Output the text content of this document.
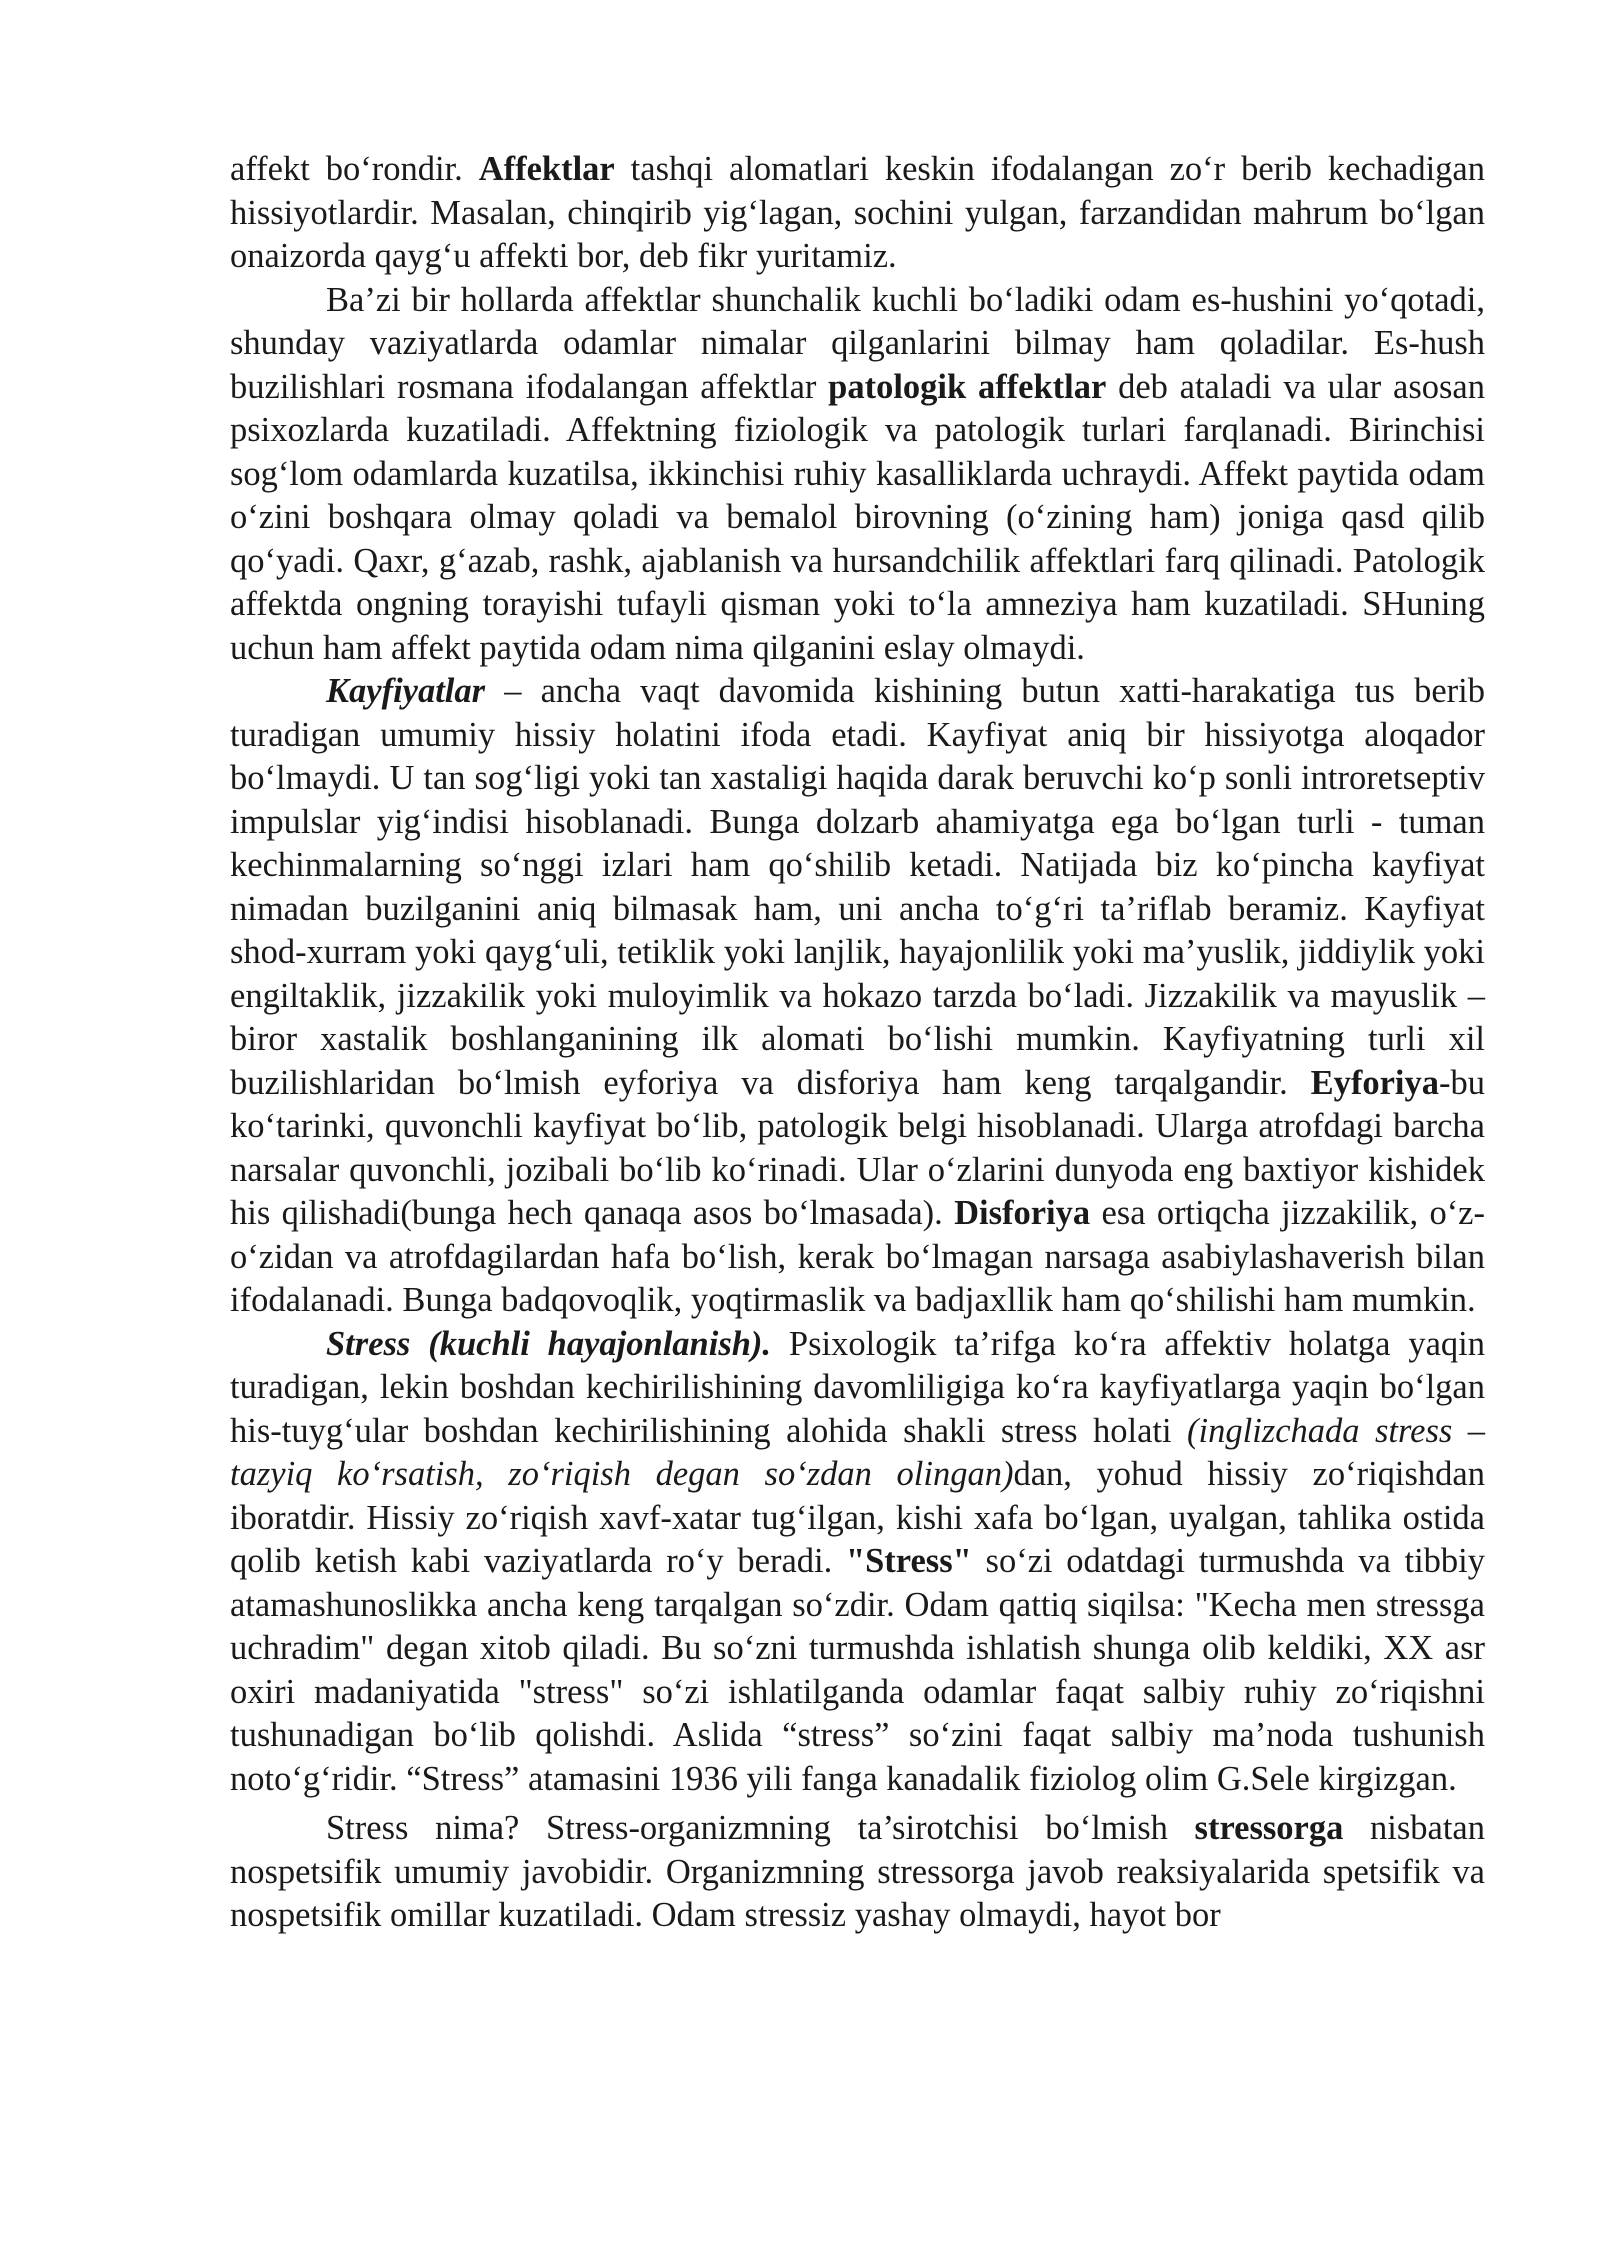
affekt boʻrondir. Affektlar tashqi alomatlari keskin ifodalangan zoʻr berib kechadigan hissiyotlardir. Masalan, chinqirib yigʻlagan, sochini yulgan, farzandidan mahrum boʻlgan onaizorda qaygʻu affekti bor, deb fikr yuritamiz.

Ba’zi bir hollarda affektlar shunchalik kuchli boʻladiki odam es-hushini yoʻqotadi, shunday vaziyatlarda odamlar nimalar qilganlarini bilmay ham qoladilar. Es-hush buzilishlari rosmana ifodalangan affektlar patologik affektlar deb ataladi va ular asosan psixozlarda kuzatiladi. Affektning fiziologik va patologik turlari farqlanadi. Birinchisi sogʻlom odamlarda kuzatilsa, ikkinchisi ruhiy kasalliklarda uchraydi. Affekt paytida odam oʻzini boshqara olmay qoladi va bemalol birovning (oʻzining ham) joniga qasd qilib qoʻyadi. Qaxr, gʻazab, rashk, ajablanish va hursandchilik affektlari farq qilinadi. Patologik affektda ongning torayishi tufayli qisman yoki toʻla amneziya ham kuzatiladi. SHuning uchun ham affekt paytida odam nima qilganini eslay olmaydi.

Kayfiyatlar – ancha vaqt davomida kishining butun xatti-harakatiga tus berib turadigan umumiy hissiy holatini ifoda etadi. Kayfiyat aniq bir hissiyotga aloqador boʻlmaydi. U tan sogʻligi yoki tan xastaligi haqida darak beruvchi koʻp sonli introretseptiv impulslar yigʻindisi hisoblanadi. Bunga dolzarb ahamiyatga ega boʻlgan turli - tuman kechinmalarning soʻnggi izlari ham qoʻshilib ketadi. Natijada biz koʻpincha kayfiyat nimadan buzilganini aniq bilmasak ham, uni ancha toʻgʻri ta’riflab beramiz. Kayfiyat shod-xurram yoki qaygʻuli, tetiklik yoki lanjlik, hayajonlilik yoki ma’yuslik, jiddiylik yoki engiltaklik, jizzakilik yoki muloyimlik va hokazo tarzda boʻladi. Jizzakilik va mayuslik – biror xastalik boshlanganining ilk alomati boʻlishi mumkin. Kayfiyatning turli xil buzilishlaridan boʻlmish eyforiya va disforiya ham keng tarqalgandir. Eyforiya-bu koʻtarinki, quvonchli kayfiyat boʻlib, patologik belgi hisoblanadi. Ularga atrofdagi barcha narsalar quvonchli, jozibali boʻlib koʻrinadi. Ular oʻzlarini dunyoda eng baxtiyor kishidek his qilishadi(bunga hech qanaqa asos boʻlmasada). Disforiya esa ortiqcha jizzakilik, oʻz-oʻzidan va atrofdagilardan hafa boʻlish, kerak boʻlmagan narsaga asabiylashaverish bilan ifodalanadi. Bunga badqovoqlik, yoqtirmaslik va badjaxllik ham qoʻshilishi ham mumkin.

Stress (kuchli hayajonlanish). Psixologik ta’rifga koʻra affektiv holatga yaqin turadigan, lekin boshdan kechirilishining davomliligiga koʻra kayfiyatlarga yaqin boʻlgan his-tuygʻular boshdan kechirilishining alohida shakli stress holati (inglizchada stress – tazyiq koʻrsatish, zoʻriqish degan soʻzdan olingan)dan, yohud hissiy zoʻriqishdan iboratdir. Hissiy zoʻriqish xavf-xatar tugʻilgan, kishi xafa boʻlgan, uyalgan, tahlika ostida qolib ketish kabi vaziyatlarda roʻy beradi. "Stress" soʻzi odatdagi turmushda va tibbiy atamashunoslikka ancha keng tarqalgan soʻzdir. Odam qattiq siqilsa: "Kecha men stressga uchradim" degan xitob qiladi. Bu soʻzni turmushda ishlatish shunga olib keldiki, XX asr oxiri madaniyatida "stress" soʻzi ishlatilganda odamlar faqat salbiy ruhiy zoʻriqishni tushunadigan boʻlib qolishdi. Aslida “stress” soʻzini faqat salbiy ma’noda tushunish notoʻgʻridir. “Stress” atamasini 1936 yili fanga kanadalik fiziolog olim G.Sele kirgizgan.

Stress nima? Stress-organizmning ta’sirotchisi boʻlmish stressorga nisbatan nospetsifik umumiy javobidir. Organizmning stressorga javob reaksiyalarida spetsifik va nospetsifik omillar kuzatiladi. Odam stressiz yashay olmaydi, hayot bor
